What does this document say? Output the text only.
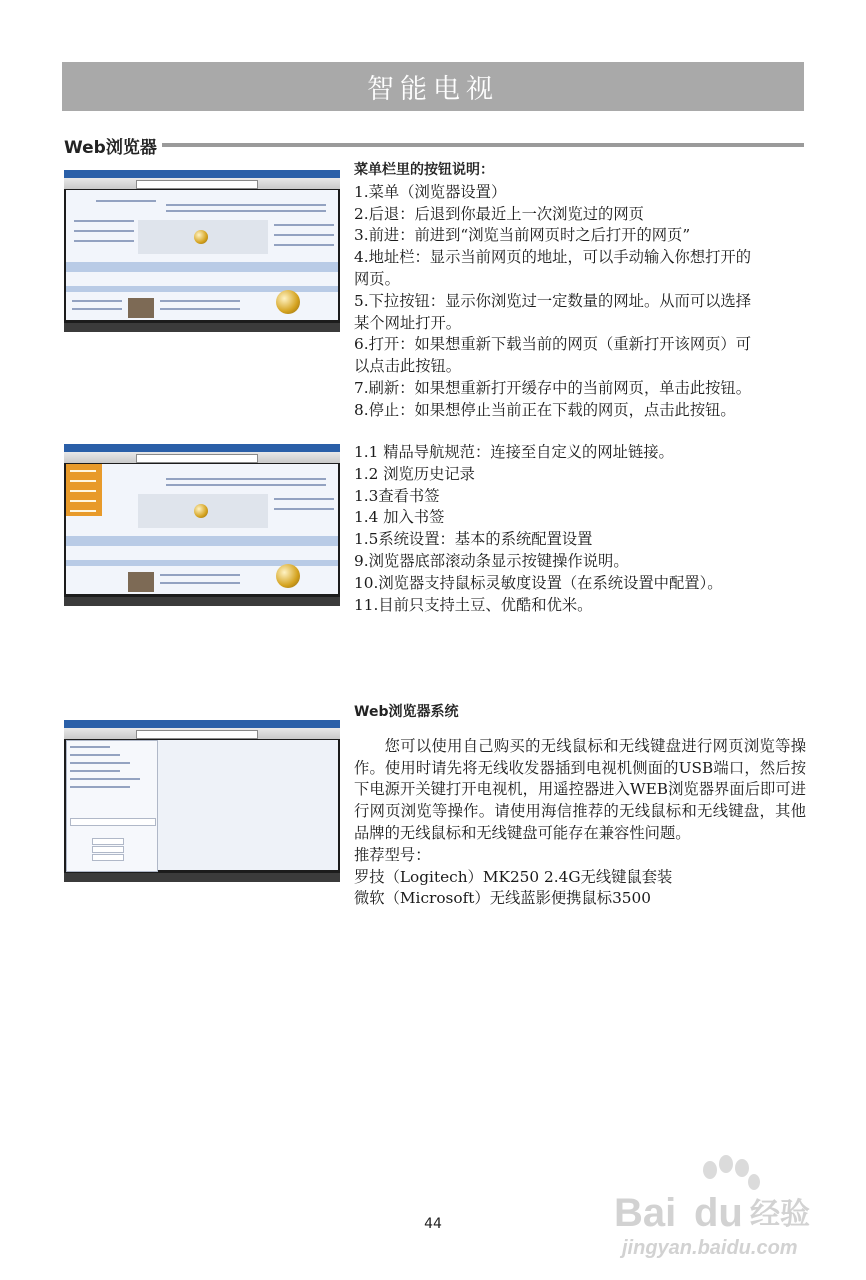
智能电视
Web浏览器
菜单栏里的按钮说明：
1.菜单（浏览器设置）
2.后退：后退到你最近上一次浏览过的网页
3.前进：前进到“浏览当前网页时之后打开的网页”
4.地址栏：显示当前网页的地址，可以手动输入你想打开的
网页。
5.下拉按钮：显示你浏览过一定数量的网址。从而可以选择
某个网址打开。
6.打开：如果想重新下载当前的网页（重新打开该网页）可
以点击此按钮。
7.刷新：如果想重新打开缓存中的当前网页，单击此按钮。
8.停止：如果想停止当前正在下载的网页，点击此按钮。
1.1 精品导航规范：连接至自定义的网址链接。
1.2 浏览历史记录
1.3查看书签
1.4 加入书签
1.5系统设置：基本的系统配置设置
9.浏览器底部滚动条显示按键操作说明。
10.浏览器支持鼠标灵敏度设置（在系统设置中配置）。
11.目前只支持土豆、优酷和优米。
Web浏览器系统
您可以使用自己购买的无线鼠标和无线键盘进行网页浏览等操作。使用时请先将无线收发器插到电视机侧面的USB端口，然后按下电源开关键打开电视机，用遥控器进入WEB浏览器界面后即可进行网页浏览等操作。请使用海信推荐的无线鼠标和无线键盘，其他品牌的无线鼠标和无线键盘可能存在兼容性问题。
推荐型号：
罗技（Logitech）MK250 2.4G无线键鼠套装
微软（Microsoft）无线蓝影便携鼠标3500
44	Bai du 经验
jingyan.baidu.com
